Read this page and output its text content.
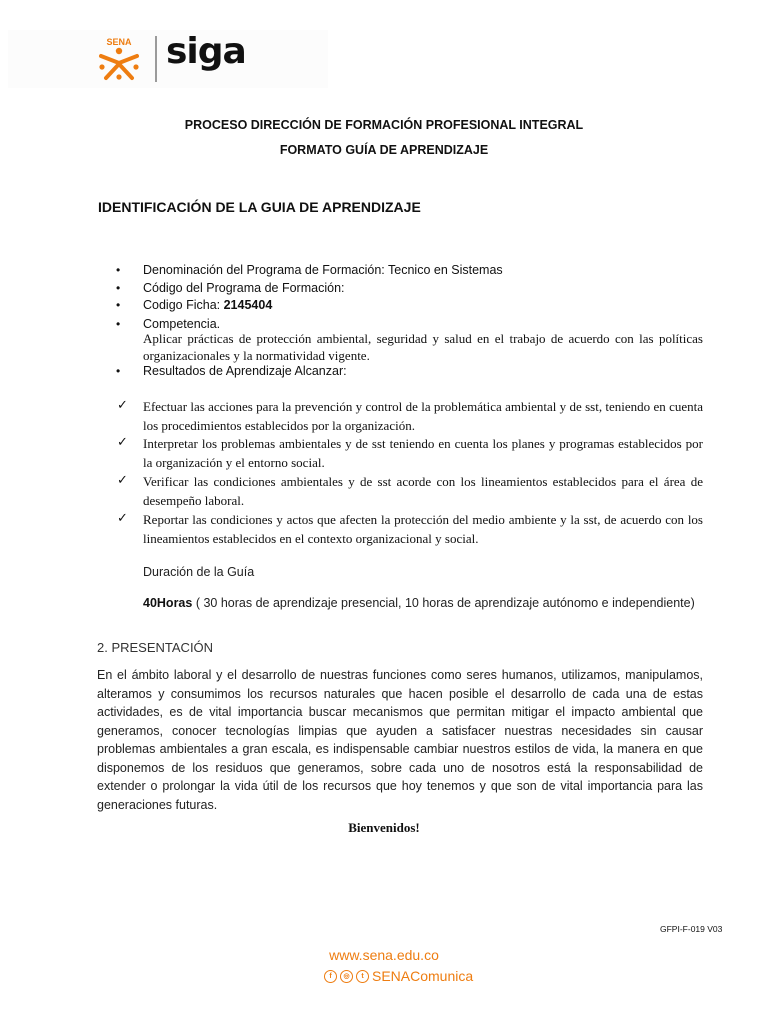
SENA siga
PROCESO DIRECCIÓN DE FORMACIÓN PROFESIONAL INTEGRAL
FORMATO GUÍA DE APRENDIZAJE
IDENTIFICACIÓN DE LA GUIA DE APRENDIZAJE
Denominación del Programa de Formación: Tecnico en Sistemas
Código del Programa de Formación:
Codigo Ficha: 2145404
Competencia.
Aplicar prácticas de protección ambiental, seguridad y salud en el trabajo de acuerdo con las políticas organizacionales y la normatividad vigente.
Resultados de Aprendizaje Alcanzar:
✓ Efectuar las acciones para la prevención y control de la problemática ambiental y de sst, teniendo en cuenta los procedimientos establecidos por la organización.
✓ Interpretar los problemas ambientales y de sst teniendo en cuenta los planes y programas establecidos por la organización y el entorno social.
✓ Verificar las condiciones ambientales y de sst acorde con los lineamientos establecidos para el área de desempeño laboral.
✓ Reportar las condiciones y actos que afecten la protección del medio ambiente y la sst, de acuerdo con los lineamientos establecidos en el contexto organizacional y social.
Duración de la Guía
40Horas ( 30 horas de aprendizaje presencial, 10 horas de aprendizaje autónomo e independiente)
2. PRESENTACIÓN
En el ámbito laboral y el desarrollo de nuestras funciones como seres humanos, utilizamos, manipulamos, alteramos y consumimos los recursos naturales que hacen posible el desarrollo de cada una de estas actividades, es de vital importancia buscar mecanismos que permitan mitigar el impacto ambiental que generamos, conocer tecnologías limpias que ayuden a satisfacer nuestras necesidades sin causar problemas ambientales a gran escala, es indispensable cambiar nuestros estilos de vida, la manera en que disponemos de los residuos que generamos, sobre cada uno de nosotros está la responsabilidad de extender o prolongar la vida útil de los recursos que hoy tenemos y que son de vital importancia para las generaciones futuras.
Bienvenidos!
GFPI-F-019 V03
www.sena.edu.co
f	◎	t SENAComunica
